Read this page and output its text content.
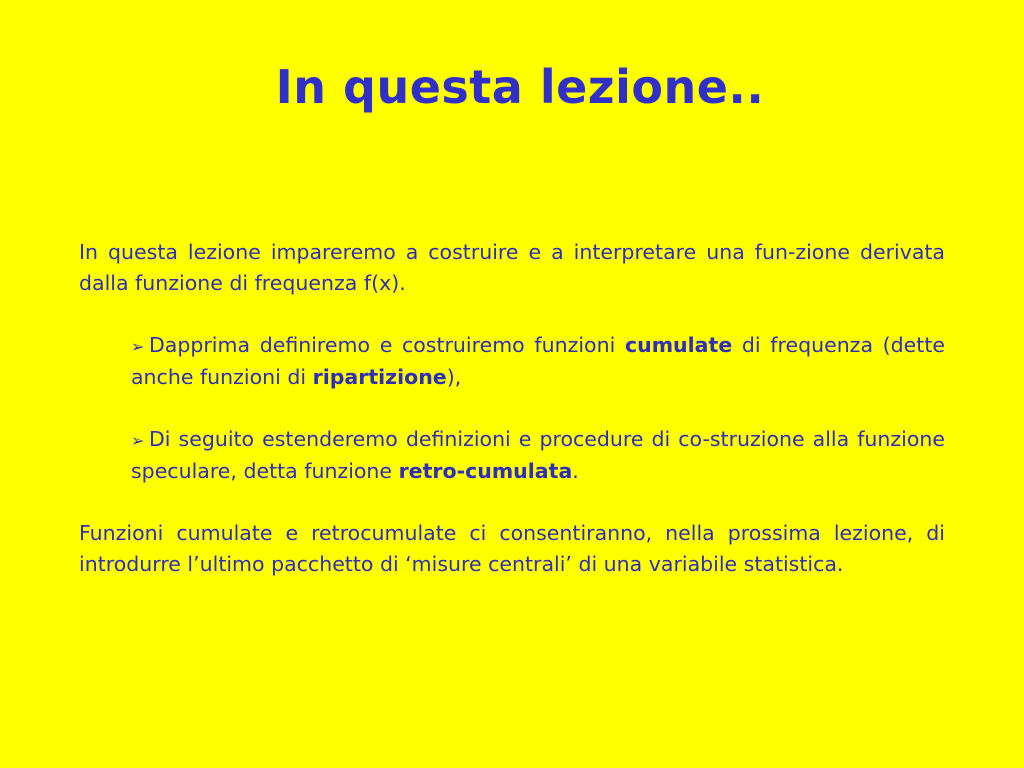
In questa lezione..

In questa lezione impareremo a costruire e a interpretare una fun-zione derivata dalla funzione di frequenza f(x).

➢ Dapprima definiremo e costruiremo funzioni cumulate di frequenza (dette anche funzioni di ripartizione),

➢ Di seguito estenderemo definizioni e procedure di co-struzione alla funzione speculare, detta funzione retro-cumulata.

Funzioni cumulate e retrocumulate ci consentiranno, nella prossima lezione, di introdurre l’ultimo pacchetto di ‘misure centrali’ di una variabile statistica.
